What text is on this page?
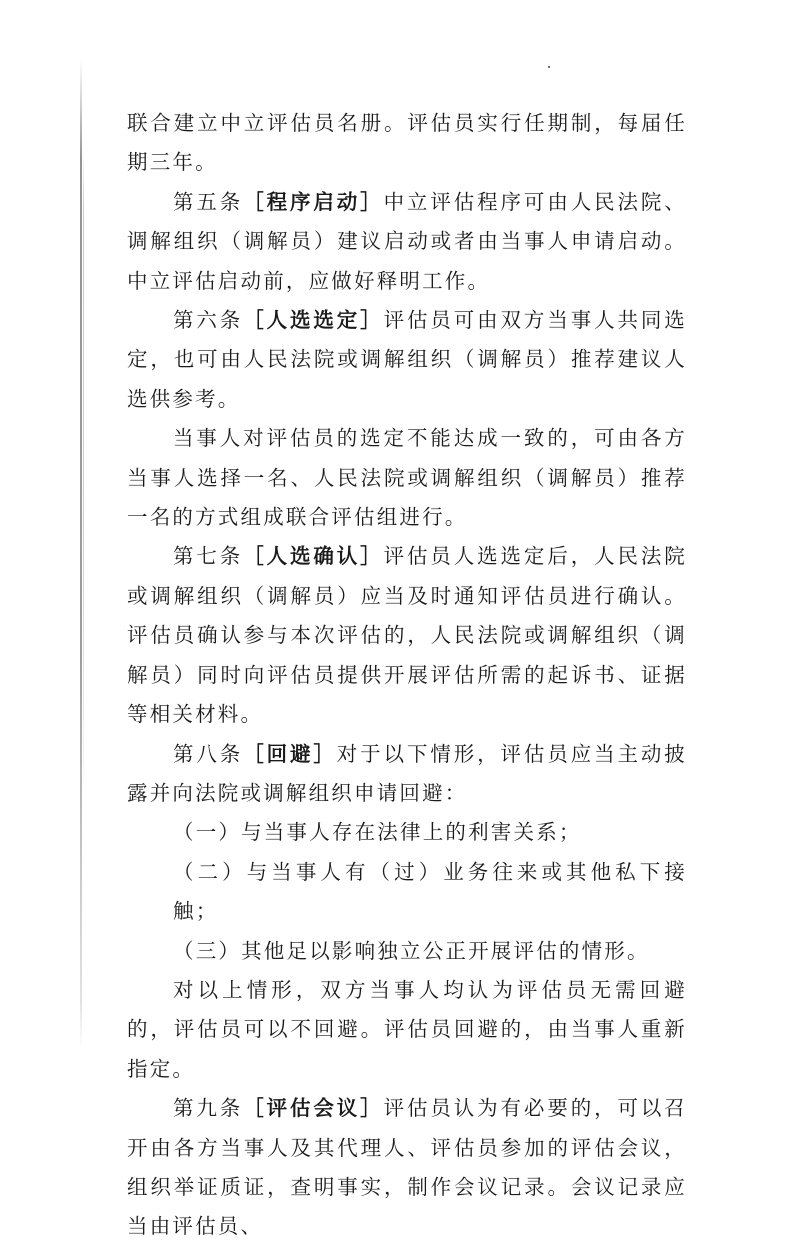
联合建立中立评估员名册。评估员实行任期制，每届任期三年。

第五条［程序启动］中立评估程序可由人民法院、调解组织（调解员）建议启动或者由当事人申请启动。中立评估启动前，应做好释明工作。

第六条［人选选定］评估员可由双方当事人共同选定，也可由人民法院或调解组织（调解员）推荐建议人选供参考。

当事人对评估员的选定不能达成一致的，可由各方当事人选择一名、人民法院或调解组织（调解员）推荐一名的方式组成联合评估组进行。

第七条［人选确认］评估员人选选定后，人民法院或调解组织（调解员）应当及时通知评估员进行确认。评估员确认参与本次评估的，人民法院或调解组织（调解员）同时向评估员提供开展评估所需的起诉书、证据等相关材料。

第八条［回避］对于以下情形，评估员应当主动披露并向法院或调解组织申请回避：

（一）与当事人存在法律上的利害关系；

（二）与当事人有（过）业务往来或其他私下接触；

（三）其他足以影响独立公正开展评估的情形。

对以上情形，双方当事人均认为评估员无需回避的，评估员可以不回避。评估员回避的，由当事人重新指定。

第九条［评估会议］评估员认为有必要的，可以召开由各方当事人及其代理人、评估员参加的评估会议，组织举证质证，查明事实，制作会议记录。会议记录应当由评估员、
